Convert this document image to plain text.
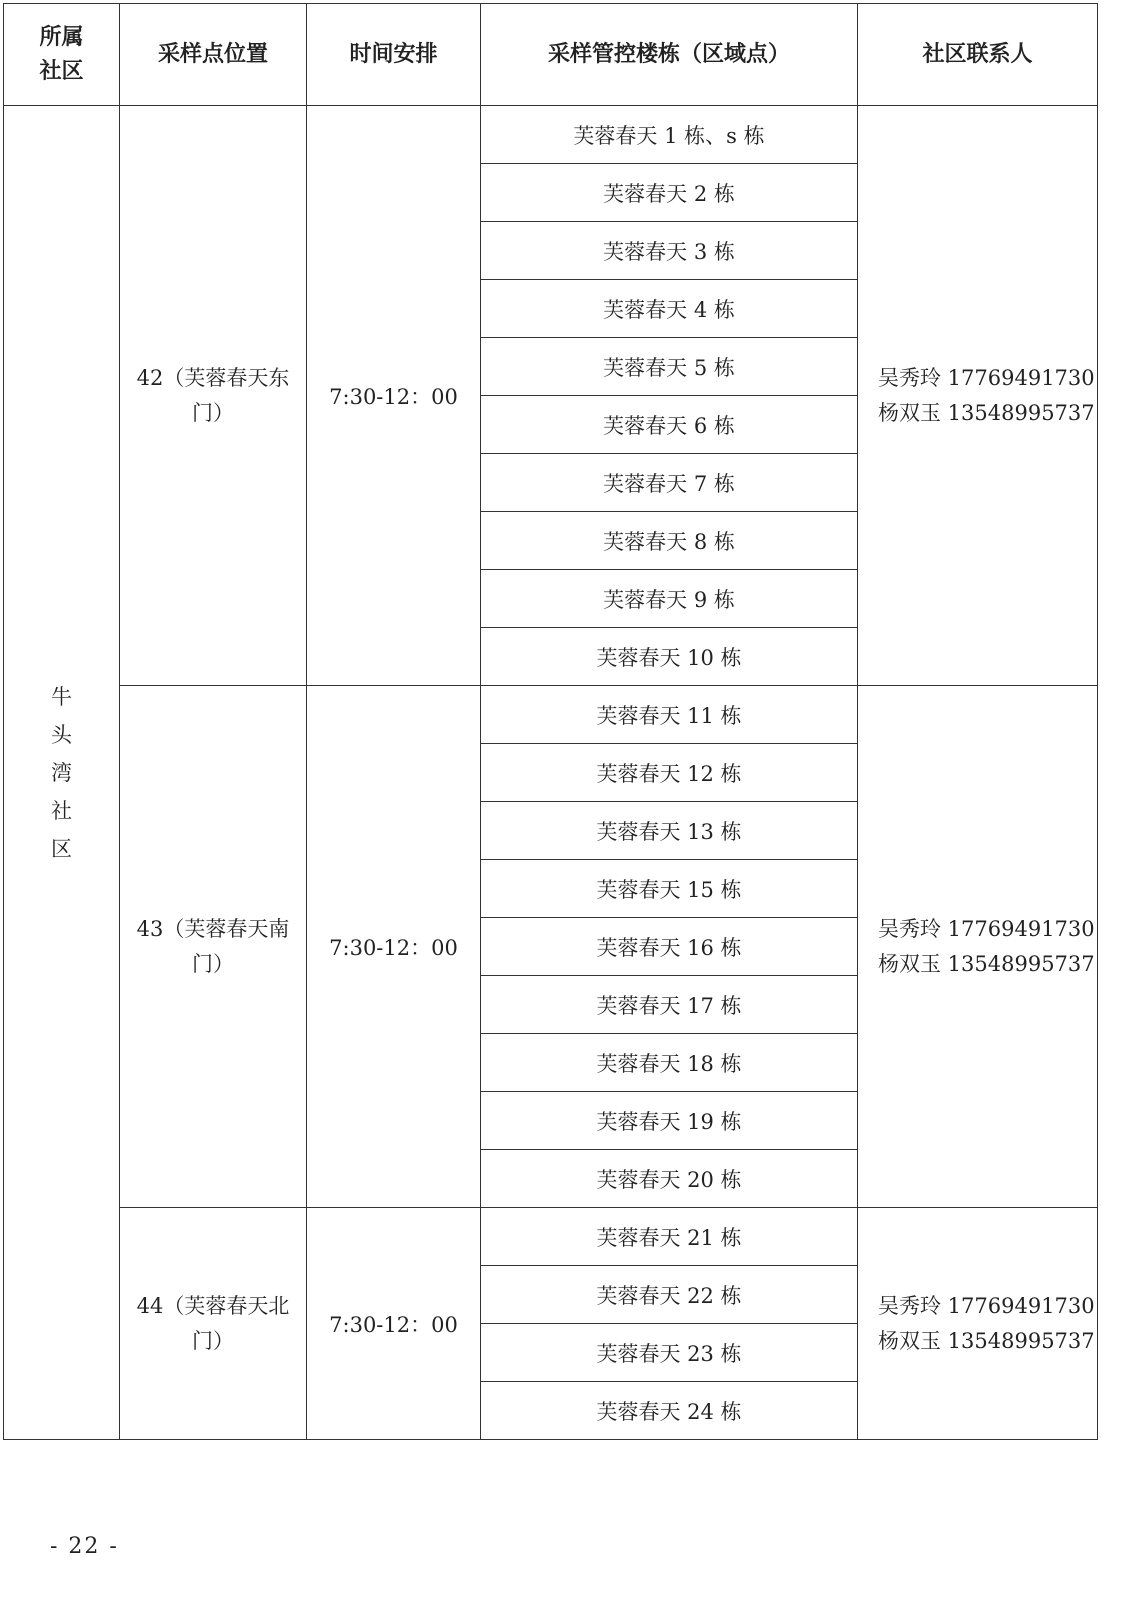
所属社区	采样点位置	时间安排	采样管控楼栋（区域点）	社区联系人
牛头湾社区	42（芙蓉春天东门）	7:30-12：00	芙蓉春天 1 栋、s 栋	吴秀玲 17769491730
杨双玉 13548995737

			芙蓉春天 2 栋	
			芙蓉春天 3 栋	
			芙蓉春天 4 栋	
			芙蓉春天 5 栋	
			芙蓉春天 6 栋	
			芙蓉春天 7 栋	
			芙蓉春天 8 栋	
			芙蓉春天 9 栋	
			芙蓉春天 10 栋	
	43（芙蓉春天南门）	7:30-12：00	芙蓉春天 11 栋	吴秀玲 17769491730
杨双玉 13548995737

			芙蓉春天 12 栋	
			芙蓉春天 13 栋	
			芙蓉春天 15 栋	
			芙蓉春天 16 栋	
			芙蓉春天 17 栋	
			芙蓉春天 18 栋	
			芙蓉春天 19 栋	
			芙蓉春天 20 栋	
	44（芙蓉春天北门）	7:30-12：00	芙蓉春天 21 栋	吴秀玲 17769491730
杨双玉 13548995737

			芙蓉春天 22 栋	
			芙蓉春天 23 栋	
			芙蓉春天 24 栋	
- 22 -
